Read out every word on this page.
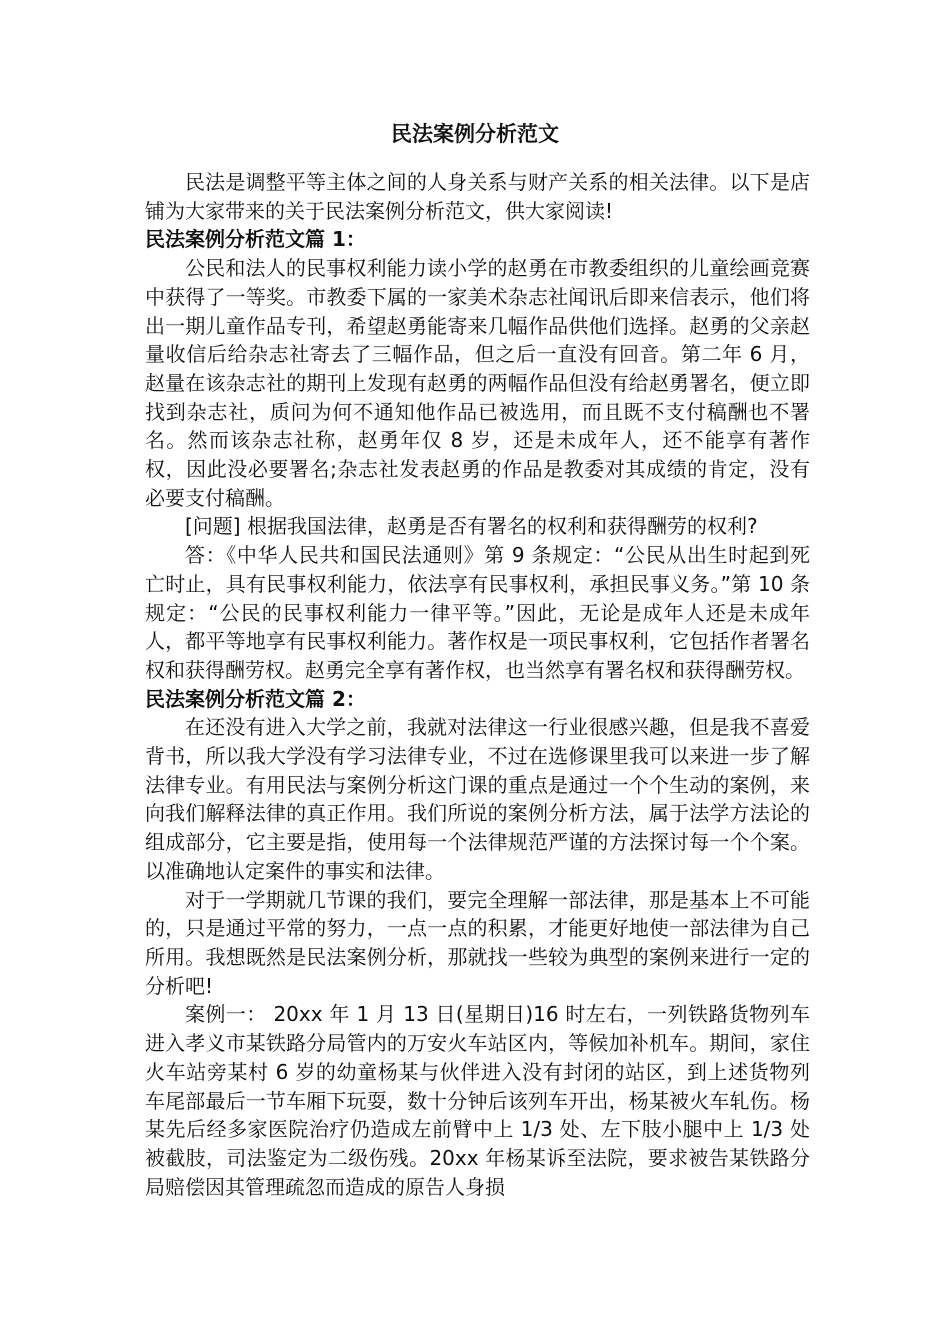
民法案例分析范文

民法是调整平等主体之间的人身关系与财产关系的相关法律。以下是店铺为大家带来的关于民法案例分析范文，供大家阅读!

民法案例分析范文篇 1：

公民和法人的民事权利能力读小学的赵勇在市教委组织的儿童绘画竞赛中获得了一等奖。市教委下属的一家美术杂志社闻讯后即来信表示，他们将出一期儿童作品专刊，希望赵勇能寄来几幅作品供他们选择。赵勇的父亲赵量收信后给杂志社寄去了三幅作品，但之后一直没有回音。第二年 6 月，赵量在该杂志社的期刊上发现有赵勇的两幅作品但没有给赵勇署名，便立即找到杂志社，质问为何不通知他作品已被选用，而且既不支付稿酬也不署名。然而该杂志社称，赵勇年仅 8 岁，还是未成年人，还不能享有著作权，因此没必要署名;杂志社发表赵勇的作品是教委对其成绩的肯定，没有必要支付稿酬。

[问题] 根据我国法律，赵勇是否有署名的权利和获得酬劳的权利?

答：《中华人民共和国民法通则》第 9 条规定：“公民从出生时起到死亡时止，具有民事权利能力，依法享有民事权利，承担民事义务。”第 10 条规定：“公民的民事权利能力一律平等。”因此，无论是成年人还是未成年人，都平等地享有民事权利能力。著作权是一项民事权利，它包括作者署名权和获得酬劳权。赵勇完全享有著作权，也当然享有署名权和获得酬劳权。

民法案例分析范文篇 2：

在还没有进入大学之前，我就对法律这一行业很感兴趣，但是我不喜爱背书，所以我大学没有学习法律专业，不过在选修课里我可以来进一步了解法律专业。有用民法与案例分析这门课的重点是通过一个个生动的案例，来向我们解释法律的真正作用。我们所说的案例分析方法，属于法学方法论的组成部分，它主要是指，使用每一个法律规范严谨的方法探讨每一个个案。以准确地认定案件的事实和法律。

对于一学期就几节课的我们，要完全理解一部法律，那是基本上不可能的，只是通过平常的努力，一点一点的积累，才能更好地使一部法律为自己所用。我想既然是民法案例分析，那就找一些较为典型的案例来进行一定的分析吧!

案例一： 20xx 年 1 月 13 日(星期日)16 时左右，一列铁路货物列车进入孝义市某铁路分局管内的万安火车站区内，等候加补机车。期间，家住火车站旁某村 6 岁的幼童杨某与伙伴进入没有封闭的站区，到上述货物列车尾部最后一节车厢下玩耍，数十分钟后该列车开出，杨某被火车轧伤。杨某先后经多家医院治疗仍造成左前臂中上 1/3 处、左下肢小腿中上 1/3 处被截肢，司法鉴定为二级伤残。20xx 年杨某诉至法院，要求被告某铁路分局赔偿因其管理疏忽而造成的原告人身损
